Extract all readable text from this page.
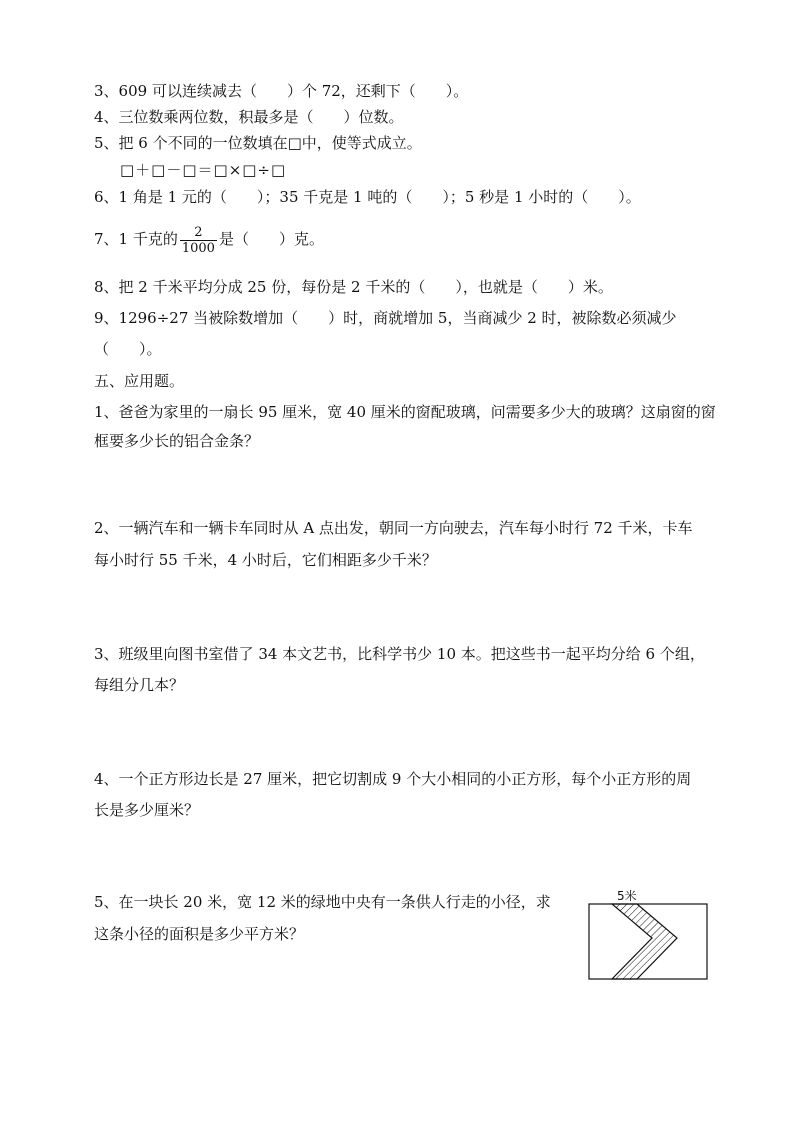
3、609 可以连续减去（　　）个 72，还剩下（　　）。
4、三位数乘两位数，积最多是（　　）位数。
5、把 6 个不同的一位数填在□中，使等式成立。
□＋□－□＝□×□÷□
6、1 角是 1 元的（　　）；35 千克是 1 吨的（　　）；5 秒是 1 小时的（　　）。
7、1 千克的 $\frac{2}{1000}$ 是（　　）克。
8、把 2 千米平均分成 25 份，每份是 2 千米的（　　），也就是（　　）米。
9、1296÷27 当被除数增加（　　）时，商就增加 5，当商减少 2 时，被除数必须减少
（　　）。
五、应用题。
1、爸爸为家里的一扇长 95 厘米，宽 40 厘米的窗配玻璃，问需要多少大的玻璃？这扇窗的窗
框要多少长的铝合金条？
2、一辆汽车和一辆卡车同时从 A 点出发，朝同一方向驶去，汽车每小时行 72 千米，卡车
每小时行 55 千米，4 小时后，它们相距多少千米？
3、班级里向图书室借了 34 本文艺书，比科学书少 10 本。把这些书一起平均分给 6 个组，
每组分几本？
4、一个正方形边长是 27 厘米，把它切割成 9 个大小相同的小正方形，每个小正方形的周
长是多少厘米？
5、在一块长 20 米，宽 12 米的绿地中央有一条供人行走的小径，求
这条小径的面积是多少平方米？
5米
